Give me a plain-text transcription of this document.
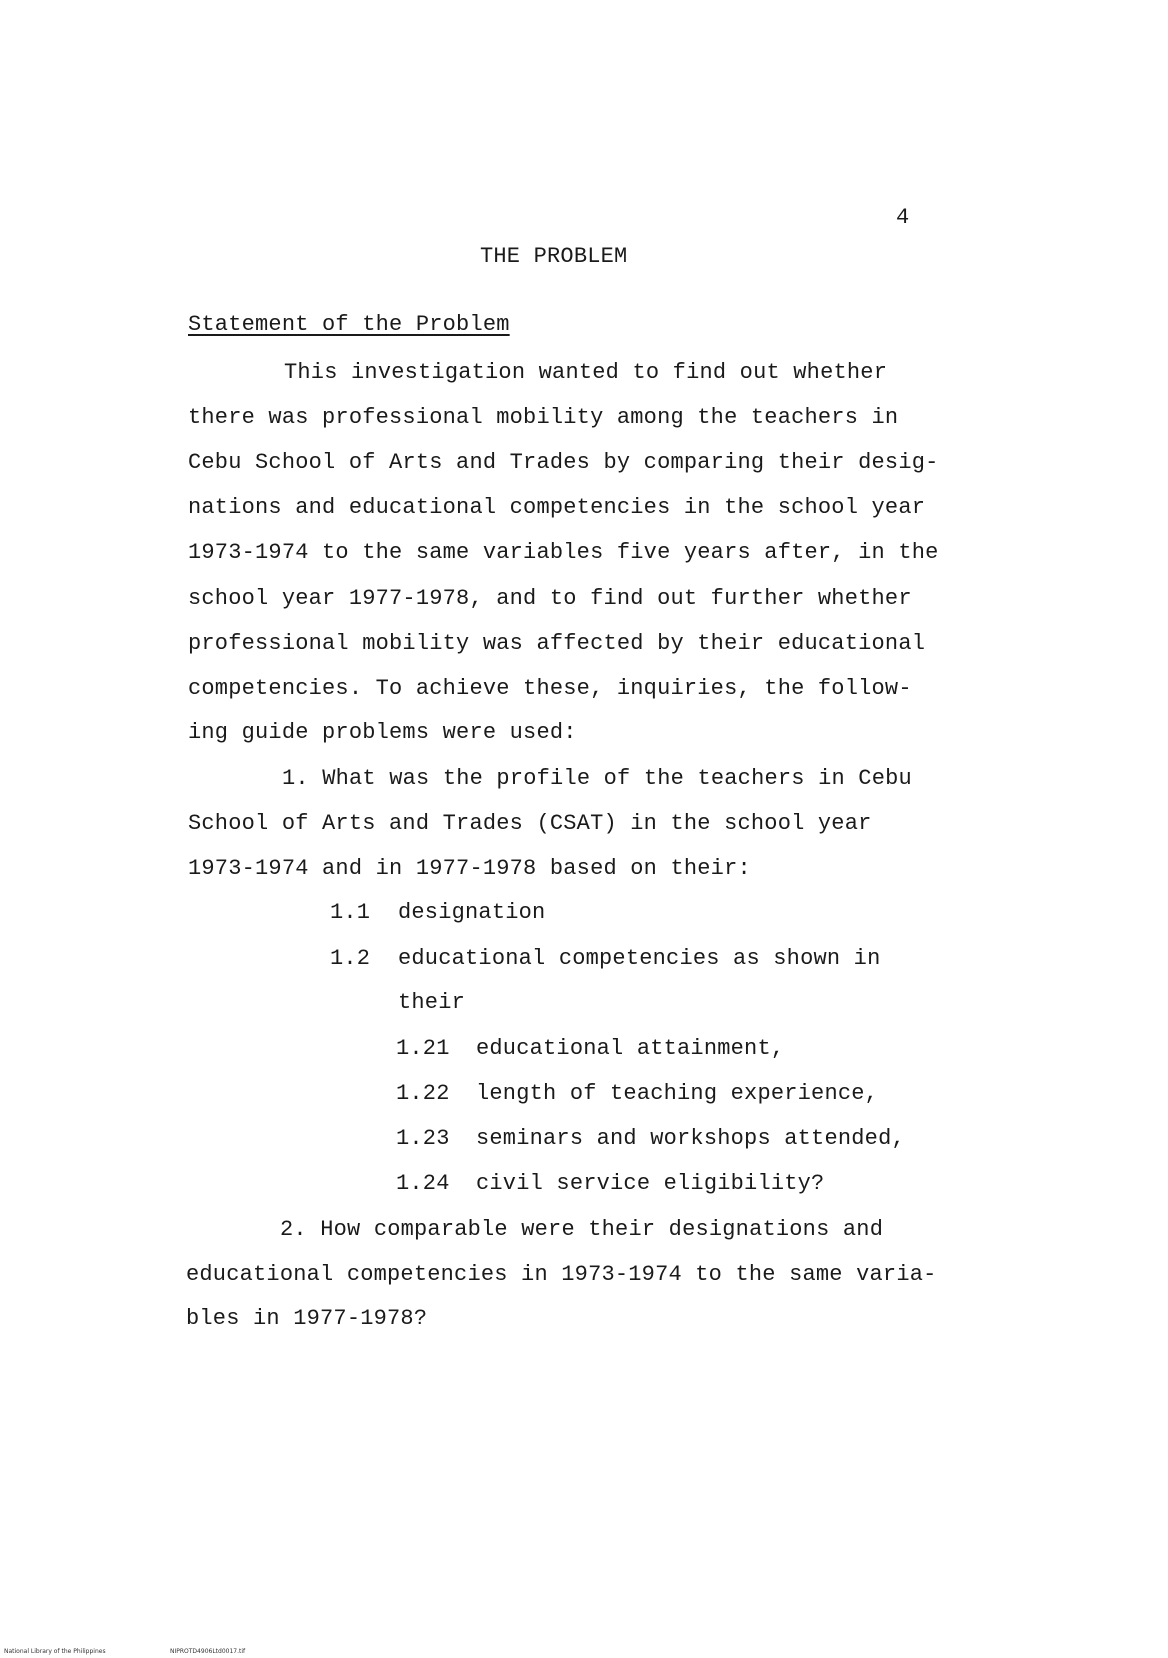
4
THE PROBLEM
Statement of the Problem
This investigation wanted to find out whether
there was professional mobility among the teachers in
Cebu School of Arts and Trades by comparing their desig-
nations and educational competencies in the school year
1973-1974 to the same variables five years after, in the
school year 1977-1978, and to find out further whether
professional mobility was affected by their educational
competencies. To achieve these, inquiries, the follow-
ing guide problems were used:
1. What was the profile of the teachers in Cebu
School of Arts and Trades (CSAT) in the school year
1973-1974 and in 1977-1978 based on their:
1.1 designation
1.2 educational competencies as shown in
their
1.21 educational attainment,
1.22 length of teaching experience,
1.23 seminars and workshops attended,
1.24 civil service eligibility?
2. How comparable were their designations and
educational competencies in 1973-1974 to the same varia-
bles in 1977-1978?
National Library of the Philippines	NIPROTD4906Ltd0017.tif
